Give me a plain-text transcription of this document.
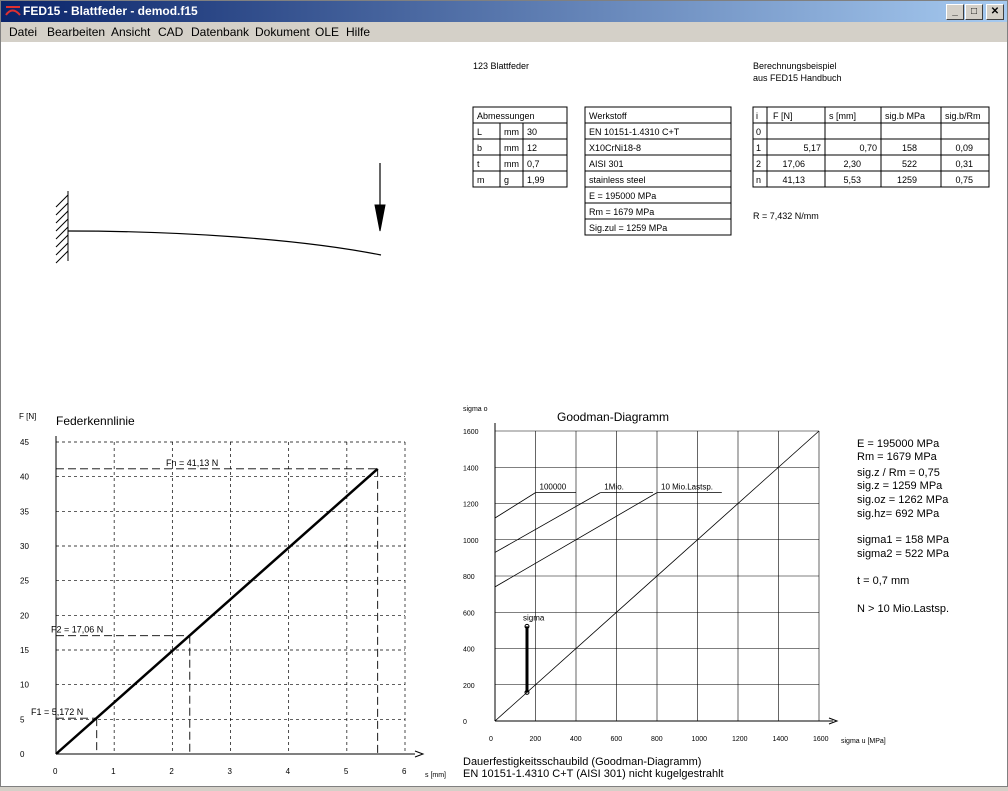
FED15 - Blattfeder - demod.f15	_	□	✕
Datei Bearbeiten Ansicht CAD Datenbank Dokument OLE Hilfe
123 Blattfeder	Berechnungsbeispiel
aus FED15 Handbuch
Abmessungen
L mm 30
b mm 12
t	mm 0,7
m g 1,99
Werkstoff
EN 10151-1.4310 C+T
X10CrNi18-8
AISI 301
stainless steel
E = 195000 MPa
Rm = 1679 MPa
Sig.zul = 1259 MPa
i F [N]	s [mm]	sig.b MPa sig.b/Rm
0
1	5,17	0,70	158	0,09
2 17,06	2,30	522	0,31
n 41,13	5,53	1259	0,75
R = 7,432 N/mm
F [N] Federkennlinie
s [mm]
0	1	2	3	4	5	6
0
5
10
15
20
25
30
35
40
45
F1 = 5,172 N
F2 = 17,06 N
Fn = 41,13 N
sigma o
Goodman-Diagramm
sigma u [MPa]
Dauerfestigkeitsschaubild (Goodman-Diagramm)
EN 10151-1.4310 C+T (AISI 301) nicht kugelgestrahlt
0	200	400	600	800	1000	1200	1400	1600
0
200
400
600
800
1000
1200
1400
1600
100000	1Mio.	10 Mio.Lastsp.
sigma
E = 195000 MPa
Rm = 1679 MPa
sig.z / Rm = 0,75
sig.z = 1259 MPa
sig.oz = 1262 MPa
sig.hz= 692 MPa
sigma1 = 158 MPa
sigma2 = 522 MPa
t = 0,7 mm
N > 10 Mio.Lastsp.
